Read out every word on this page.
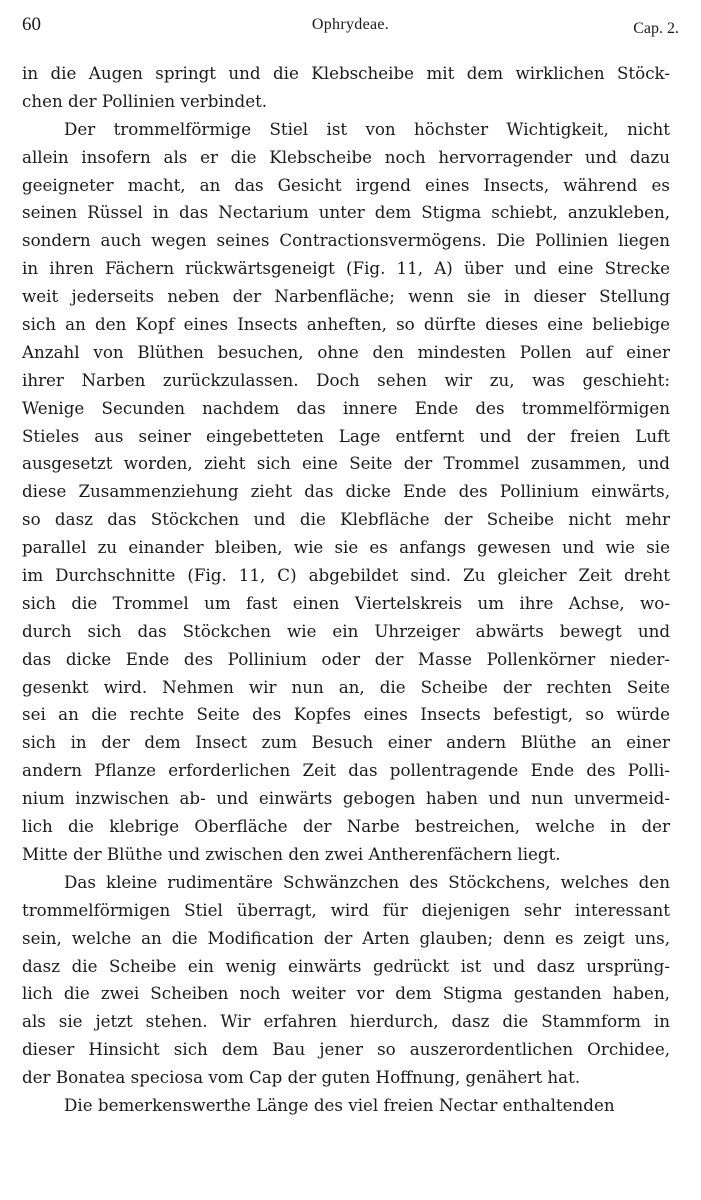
60	Ophrydeae.	Cap. 2.
in die Augen springt und die Klebscheibe mit dem wirklichen Stöck-
chen der Pollinien verbindet.
Der trommelförmige Stiel ist von höchster Wichtigkeit, nicht
allein insofern als er die Klebscheibe noch hervorragender und dazu
geeigneter macht, an das Gesicht irgend eines Insects, während es
seinen Rüssel in das Nectarium unter dem Stigma schiebt, anzukleben,
sondern auch wegen seines Contractionsvermögens. Die Pollinien liegen
in ihren Fächern rückwärtsgeneigt (Fig. 11, A) über und eine Strecke
weit jederseits neben der Narbenfläche; wenn sie in dieser Stellung
sich an den Kopf eines Insects anheften, so dürfte dieses eine beliebige
Anzahl von Blüthen besuchen, ohne den mindesten Pollen auf einer
ihrer Narben zurückzulassen. Doch sehen wir zu, was geschieht:
Wenige Secunden nachdem das innere Ende des trommelförmigen
Stieles aus seiner eingebetteten Lage entfernt und der freien Luft
ausgesetzt worden, zieht sich eine Seite der Trommel zusammen, und
diese Zusammenziehung zieht das dicke Ende des Pollinium einwärts,
so dasz das Stöckchen und die Klebfläche der Scheibe nicht mehr
parallel zu einander bleiben, wie sie es anfangs gewesen und wie sie
im Durchschnitte (Fig. 11, C) abgebildet sind. Zu gleicher Zeit dreht
sich die Trommel um fast einen Viertelskreis um ihre Achse, wo-
durch sich das Stöckchen wie ein Uhrzeiger abwärts bewegt und
das dicke Ende des Pollinium oder der Masse Pollenkörner nieder-
gesenkt wird. Nehmen wir nun an, die Scheibe der rechten Seite
sei an die rechte Seite des Kopfes eines Insects befestigt, so würde
sich in der dem Insect zum Besuch einer andern Blüthe an einer
andern Pflanze erforderlichen Zeit das pollentragende Ende des Polli-
nium inzwischen ab- und einwärts gebogen haben und nun unvermeid-
lich die klebrige Oberfläche der Narbe bestreichen, welche in der
Mitte der Blüthe und zwischen den zwei Antherenfächern liegt.
Das kleine rudimentäre Schwänzchen des Stöckchens, welches den
trommelförmigen Stiel überragt, wird für diejenigen sehr interessant
sein, welche an die Modification der Arten glauben; denn es zeigt uns,
dasz die Scheibe ein wenig einwärts gedrückt ist und dasz ursprüng-
lich die zwei Scheiben noch weiter vor dem Stigma gestanden haben,
als sie jetzt stehen. Wir erfahren hierdurch, dasz die Stammform in
dieser Hinsicht sich dem Bau jener so auszerordentlichen Orchidee,
der Bonatea speciosa vom Cap der guten Hoffnung, genähert hat.
Die bemerkenswerthe Länge des viel freien Nectar enthaltenden
